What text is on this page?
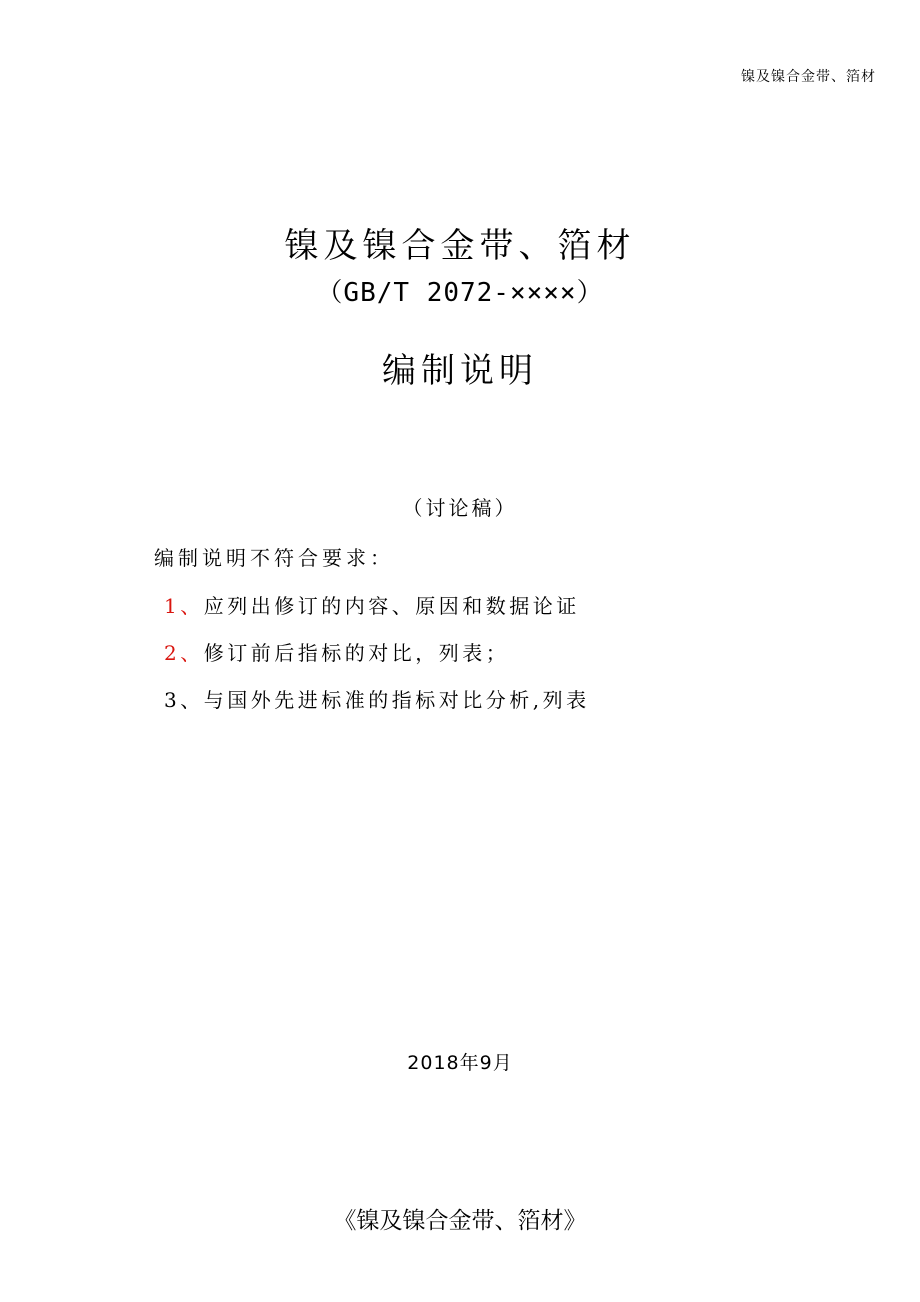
镍及镍合金带、箔材
镍及镍合金带、箔材
（GB/T 2072-××××）
编制说明
（讨论稿）
编制说明不符合要求：
1、应列出修订的内容、原因和数据论证
2、修订前后指标的对比，列表；
3、与国外先进标准的指标对比分析,列表
2018年9月
《镍及镍合金带、箔材》
